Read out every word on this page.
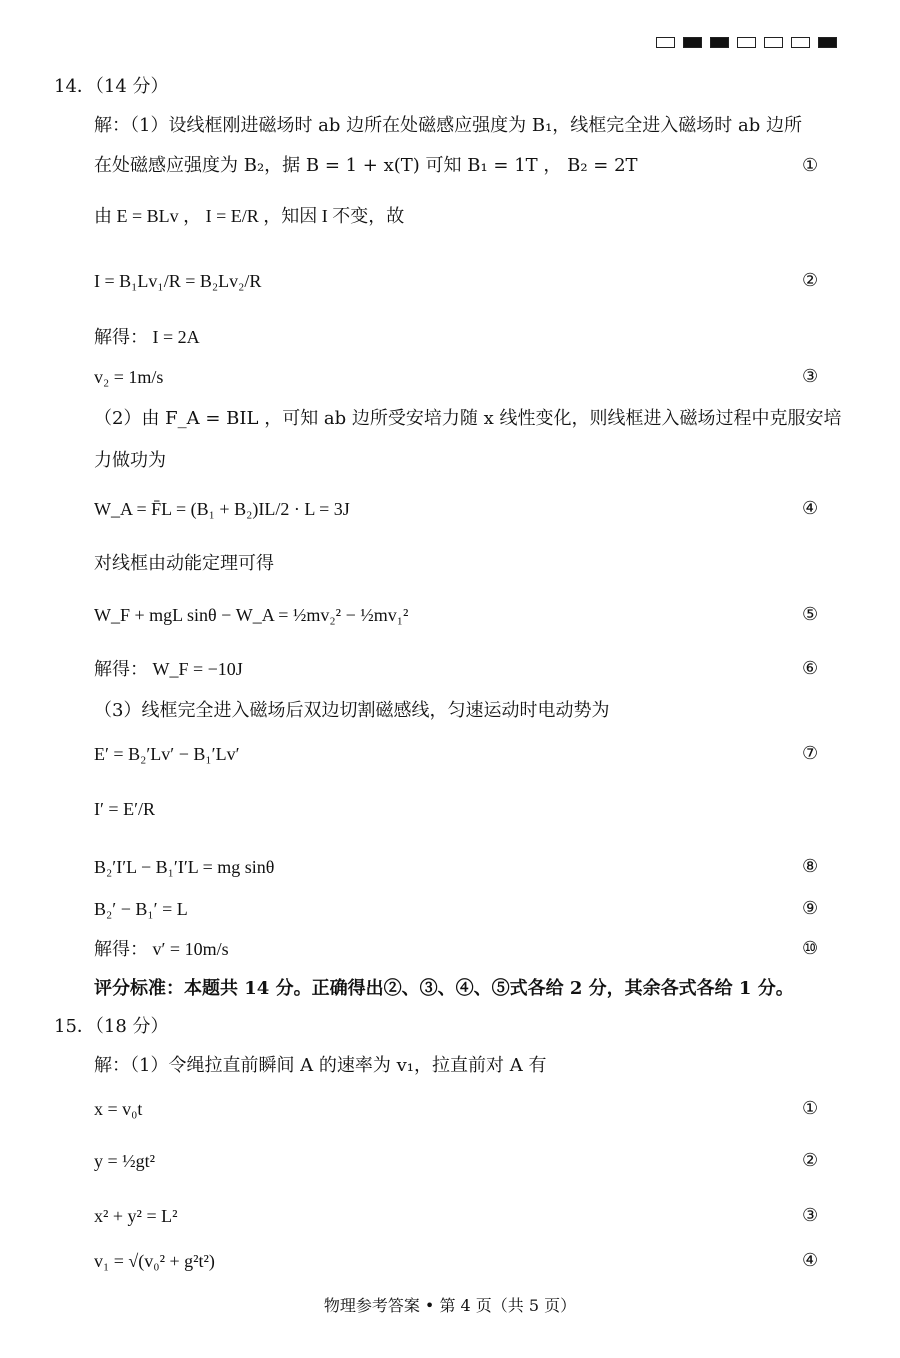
14．（14 分）
解：（1）设线框刚进磁场时 ab 边所在处磁感应强度为 B₁，线框完全进入磁场时 ab 边所
在处磁感应强度为 B₂，据 B = 1 + x(T) 可知 B₁ = 1T ， B₂ = 2T	①
由 E = BLv ， I = E/R ，知因 I 不变，故
I = B₁Lv₁/R = B₂Lv₂/R	②
解得： I = 2A
v₂ = 1m/s	③
（2）由 F_A = BIL ，可知 ab 边所受安培力随 x 线性变化，则线框进入磁场过程中克服安培
力做功为
W_A = F̄L = (B₁ + B₂)IL/2 · L = 3J	④
对线框由动能定理可得
W_F + mgL sinθ − W_A = ½mv₂² − ½mv₁²	⑤
解得： W_F = −10J	⑥
（3）线框完全进入磁场后双边切割磁感线，匀速运动时电动势为
E′ = B₂′Lv′ − B₁′Lv′	⑦
I′ = E′/R
B₂′I′L − B₁′I′L = mg sinθ	⑧
B₂′ − B₁′ = L	⑨
解得： v′ = 10m/s	⑩
评分标准：本题共 14 分。正确得出②、③、④、⑤式各给 2 分，其余各式各给 1 分。
15．（18 分）
解：（1）令绳拉直前瞬间 A 的速率为 v₁，拉直前对 A 有
x = v₀t	①
y = ½gt²	②
x² + y² = L²	③
v₁ = √(v₀² + g²t²)	④
物理参考答案 • 第 4 页（共 5 页）
